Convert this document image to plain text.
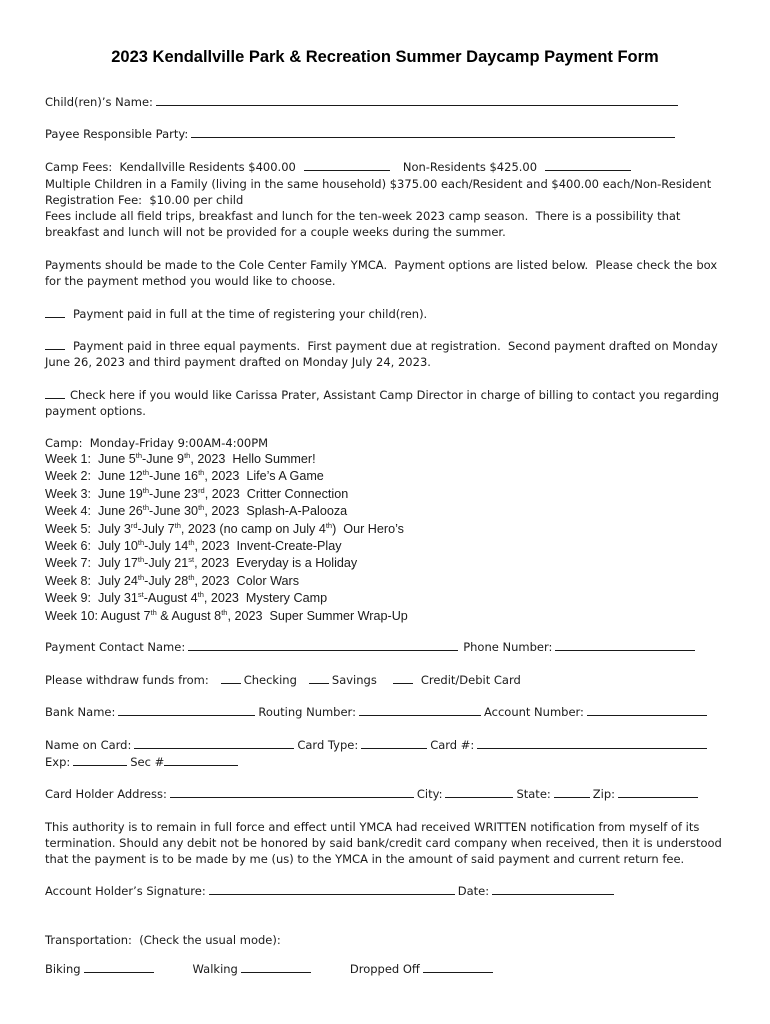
2023 Kendallville Park & Recreation Summer Daycamp Payment Form
Child(ren)’s Name:
Payee Responsible Party:
Camp Fees:  Kendallville Residents $400.00	Non-Residents $425.00
Multiple Children in a Family (living in the same household) $375.00 each/Resident and $400.00 each/Non-Resident
Registration Fee:  $10.00 per child
Fees include all field trips, breakfast and lunch for the ten-week 2023 camp season.  There is a possibility that
breakfast and lunch will not be provided for a couple weeks during the summer.
Payments should be made to the Cole Center Family YMCA.  Payment options are listed below.  Please check the box
for the payment method you would like to choose.
Payment paid in full at the time of registering your child(ren).
Payment paid in three equal payments.  First payment due at registration.  Second payment drafted on Monday
June 26, 2023 and third payment drafted on Monday July 24, 2023.
Check here if you would like Carissa Prater, Assistant Camp Director in charge of billing to contact you regarding
payment options.
Camp:  Monday-Friday 9:00AM-4:00PM
Week 1:  June 5th-June 9th, 2023  Hello Summer!
Week 2:  June 12th-June 16th, 2023  Life’s A Game
Week 3:  June 19th-June 23rd, 2023  Critter Connection
Week 4:  June 26th-June 30th, 2023  Splash-A-Palooza
Week 5:  July 3rd-July 7th, 2023 (no camp on July 4th)  Our Hero’s
Week 6:  July 10th-July 14th, 2023  Invent-Create-Play
Week 7:  July 17th-July 21st, 2023  Everyday is a Holiday
Week 8:  July 24th-July 28th, 2023  Color Wars
Week 9:  July 31st-August 4th, 2023  Mystery Camp
Week 10: August 7th & August 8th, 2023  Super Summer Wrap-Up
Payment Contact Name:	Phone Number:
Please withdraw funds from:	Checking	Savings	Credit/Debit Card
Bank Name:	Routing Number:	Account Number:
Name on Card:	Card Type:	Card #:
Exp:	Sec #
Card Holder Address:	City:	State:	Zip:
This authority is to remain in full force and effect until YMCA had received WRITTEN notification from myself of its
termination. Should any debit not be honored by said bank/credit card company when received, then it is understood
that the payment is to be made by me (us) to the YMCA in the amount of said payment and current return fee.
Account Holder’s Signature:	Date:
Transportation:  (Check the usual mode):
Biking	Walking	Dropped Off
